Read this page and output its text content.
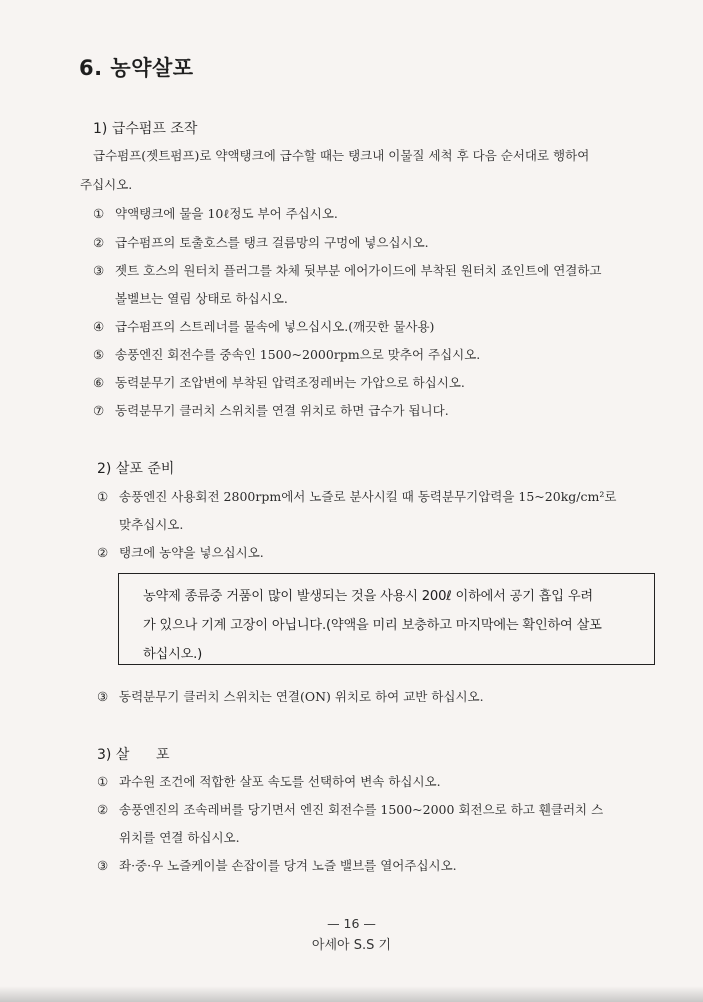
6. 농약살포
1) 급수펌프 조작
급수펌프(젯트펌프)로 약액탱크에 급수할 때는 탱크내 이물질 세척 후 다음 순서대로 행하여
주십시오.
① 약액탱크에 물을 10ℓ정도 부어 주십시오.
② 급수펌프의 토출호스를 탱크 걸름망의 구멍에 넣으십시오.
③ 젯트 호스의 원터치 플러그를 차체 뒷부분 에어가이드에 부착된 원터치 죠인트에 연결하고
볼벨브는 열림 상태로 하십시오.
④ 급수펌프의 스트레너를 물속에 넣으십시오.(깨끗한 물사용)
⑤ 송풍엔진 회전수를 중속인 1500~2000rpm으로 맞추어 주십시오.
⑥ 동력분무기 조압변에 부착된 압력조정레버는 가압으로 하십시오.
⑦ 동력분무기 클러치 스위치를 연결 위치로 하면 급수가 됩니다.
2) 살포 준비
① 송풍엔진 사용회전 2800rpm에서 노즐로 분사시킬 때 동력분무기압력을 15~20kg/cm²로
맞추십시오.
② 탱크에 농약을 넣으십시오.
농약제 종류중 거품이 많이 발생되는 것을 사용시 200ℓ 이하에서 공기 흡입 우려
가 있으나 기계 고장이 아닙니다.(약액을 미리 보충하고 마지막에는 확인하여 살포
하십시오.)
③ 동력분무기 클러치 스위치는 연결(ON) 위치로 하여 교반 하십시오.
3) 살      포
① 과수원 조건에 적합한 살포 속도를 선택하여 변속 하십시오.
② 송풍엔진의 조속레버를 당기면서 엔진 회전수를 1500~2000 회전으로 하고 휀클러치 스
위치를 연결 하십시오.
③ 좌·중·우 노즐케이블 손잡이를 당겨 노즐 밸브를 열어주십시오.
— 16 —
아세아 S.S 기
